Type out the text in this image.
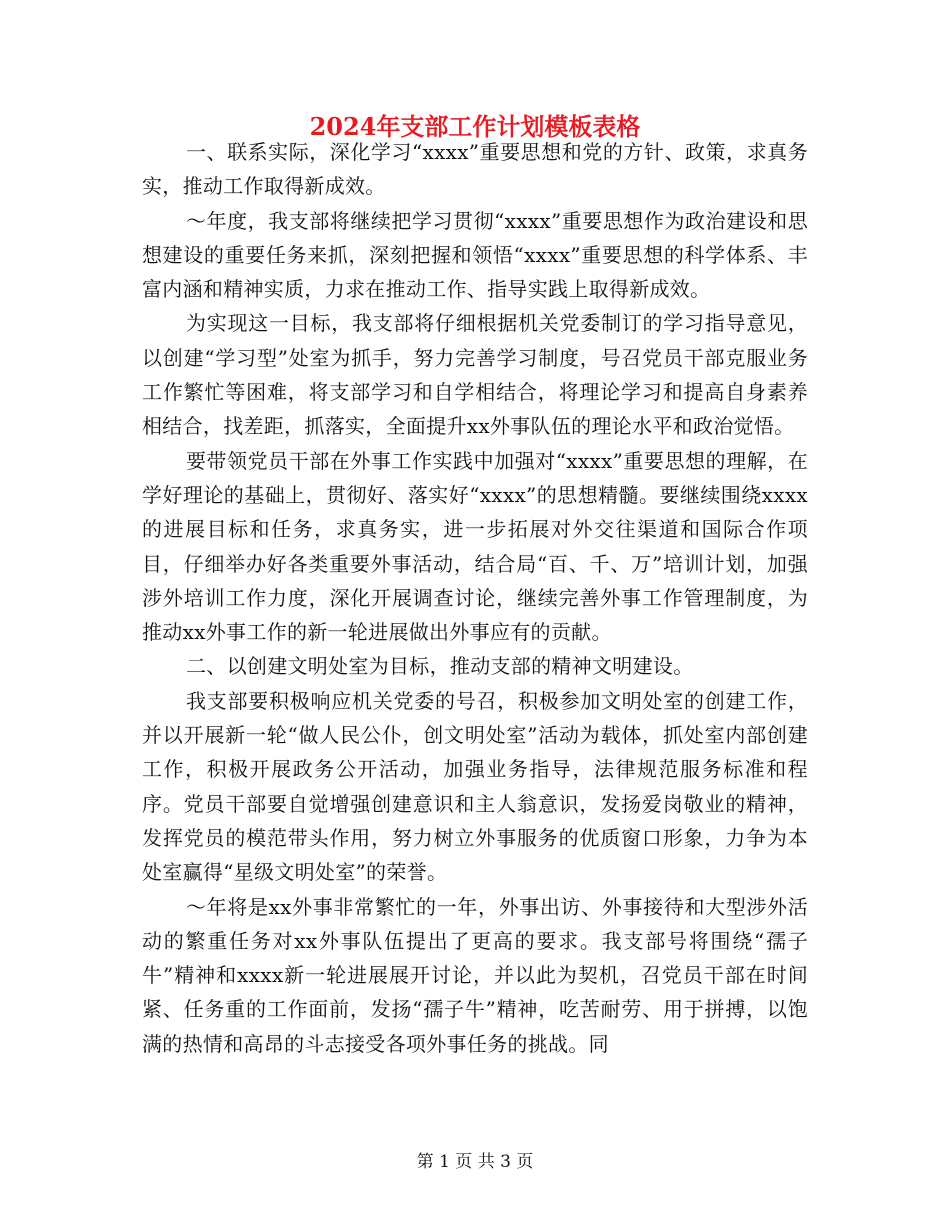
2024年支部工作计划模板表格

一、联系实际，深化学习“xxxx”重要思想和党的方针、政策，求真务实，推动工作取得新成效。

～年度，我支部将继续把学习贯彻“xxxx”重要思想作为政治建设和思想建设的重要任务来抓，深刻把握和领悟“xxxx”重要思想的科学体系、丰富内涵和精神实质，力求在推动工作、指导实践上取得新成效。

为实现这一目标，我支部将仔细根据机关党委制订的学习指导意见，以创建“学习型”处室为抓手，努力完善学习制度，号召党员干部克服业务工作繁忙等困难，将支部学习和自学相结合，将理论学习和提高自身素养相结合，找差距，抓落实，全面提升xx外事队伍的理论水平和政治觉悟。

要带领党员干部在外事工作实践中加强对“xxxx”重要思想的理解，在学好理论的基础上，贯彻好、落实好“xxxx”的思想精髓。要继续围绕xxxx的进展目标和任务，求真务实，进一步拓展对外交往渠道和国际合作项目，仔细举办好各类重要外事活动，结合局“百、千、万”培训计划，加强涉外培训工作力度，深化开展调查讨论，继续完善外事工作管理制度，为推动xx外事工作的新一轮进展做出外事应有的贡献。

二、以创建文明处室为目标，推动支部的精神文明建设。

我支部要积极响应机关党委的号召，积极参加文明处室的创建工作，并以开展新一轮“做人民公仆，创文明处室”活动为载体，抓处室内部创建工作，积极开展政务公开活动，加强业务指导，法律规范服务标准和程序。党员干部要自觉增强创建意识和主人翁意识，发扬爱岗敬业的精神，发挥党员的模范带头作用，努力树立外事服务的优质窗口形象，力争为本处室赢得“星级文明处室”的荣誉。

～年将是xx外事非常繁忙的一年，外事出访、外事接待和大型涉外活动的繁重任务对xx外事队伍提出了更高的要求。我支部号将围绕“孺子牛”精神和xxxx新一轮进展展开讨论，并以此为契机，召党员干部在时间紧、任务重的工作面前，发扬“孺子牛”精神，吃苦耐劳、用于拼搏，以饱满的热情和高昂的斗志接受各项外事任务的挑战。同

第 1 页 共 3 页
